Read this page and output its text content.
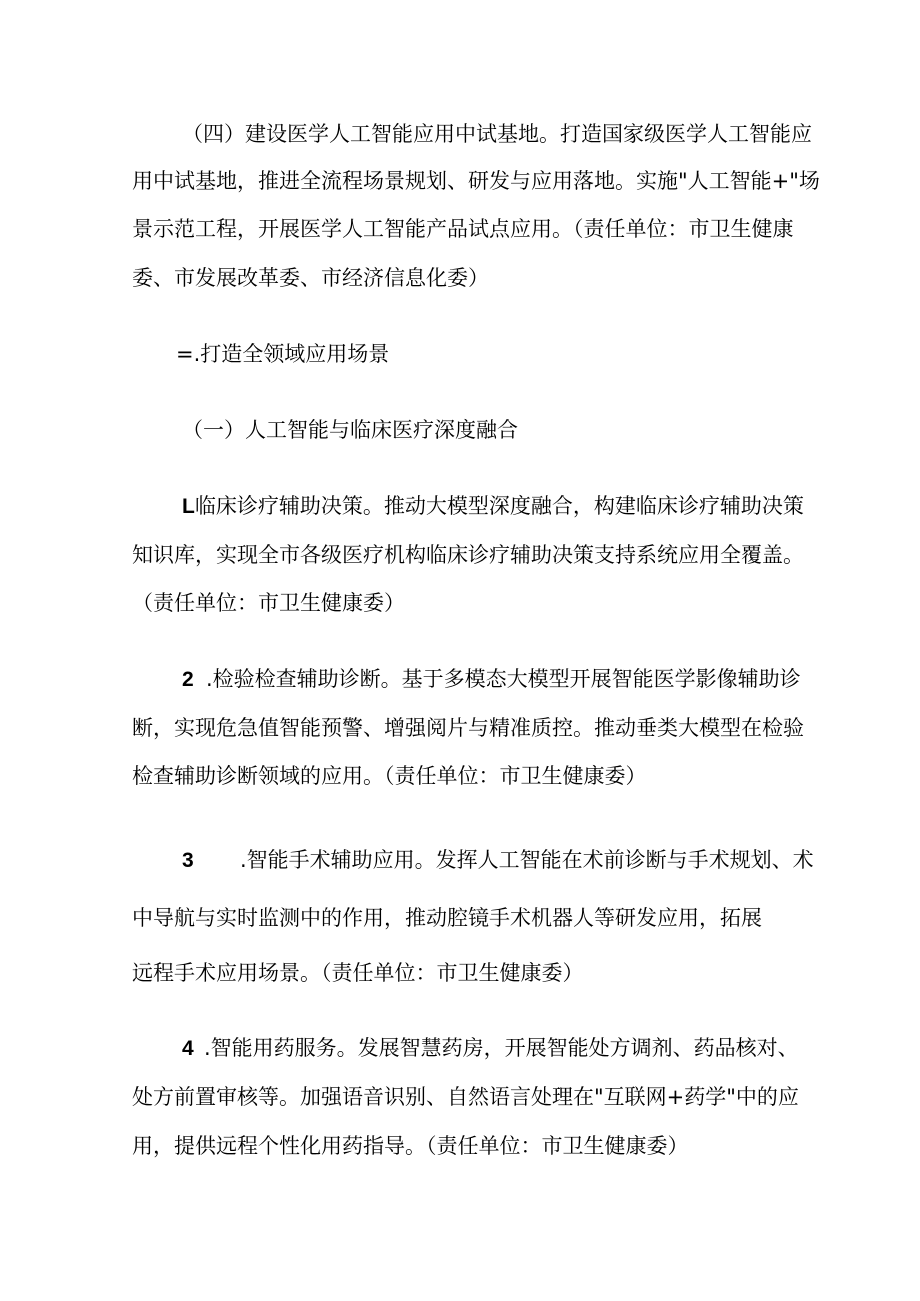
（四）建设医学人工智能应用中试基地。打造国家级医学人工智能应
用中试基地，推进全流程场景规划、研发与应用落地。实施"人工智能+"场
景示范工程，开展医学人工智能产品试点应用。（责任单位：市卫生健康
委、市发展改革委、市经济信息化委）
=.打造全领域应用场景
（一）人工智能与临床医疗深度融合
L临床诊疗辅助决策。推动大模型深度融合，构建临床诊疗辅助决策
知识库，实现全市各级医疗机构临床诊疗辅助决策支持系统应用全覆盖。
（责任单位：市卫生健康委）
2 .检验检查辅助诊断。基于多模态大模型开展智能医学影像辅助诊
断，实现危急值智能预警、增强阅片与精准质控。推动垂类大模型在检验
检查辅助诊断领域的应用。（责任单位：市卫生健康委）
3 .智能手术辅助应用。发挥人工智能在术前诊断与手术规划、术
中导航与实时监测中的作用，推动腔镜手术机器人等研发应用，拓展
远程手术应用场景。（责任单位：市卫生健康委）
4 .智能用药服务。发展智慧药房，开展智能处方调剂、药品核对、
处方前置审核等。加强语音识别、自然语言处理在"互联网+药学"中的应
用，提供远程个性化用药指导。（责任单位：市卫生健康委）
